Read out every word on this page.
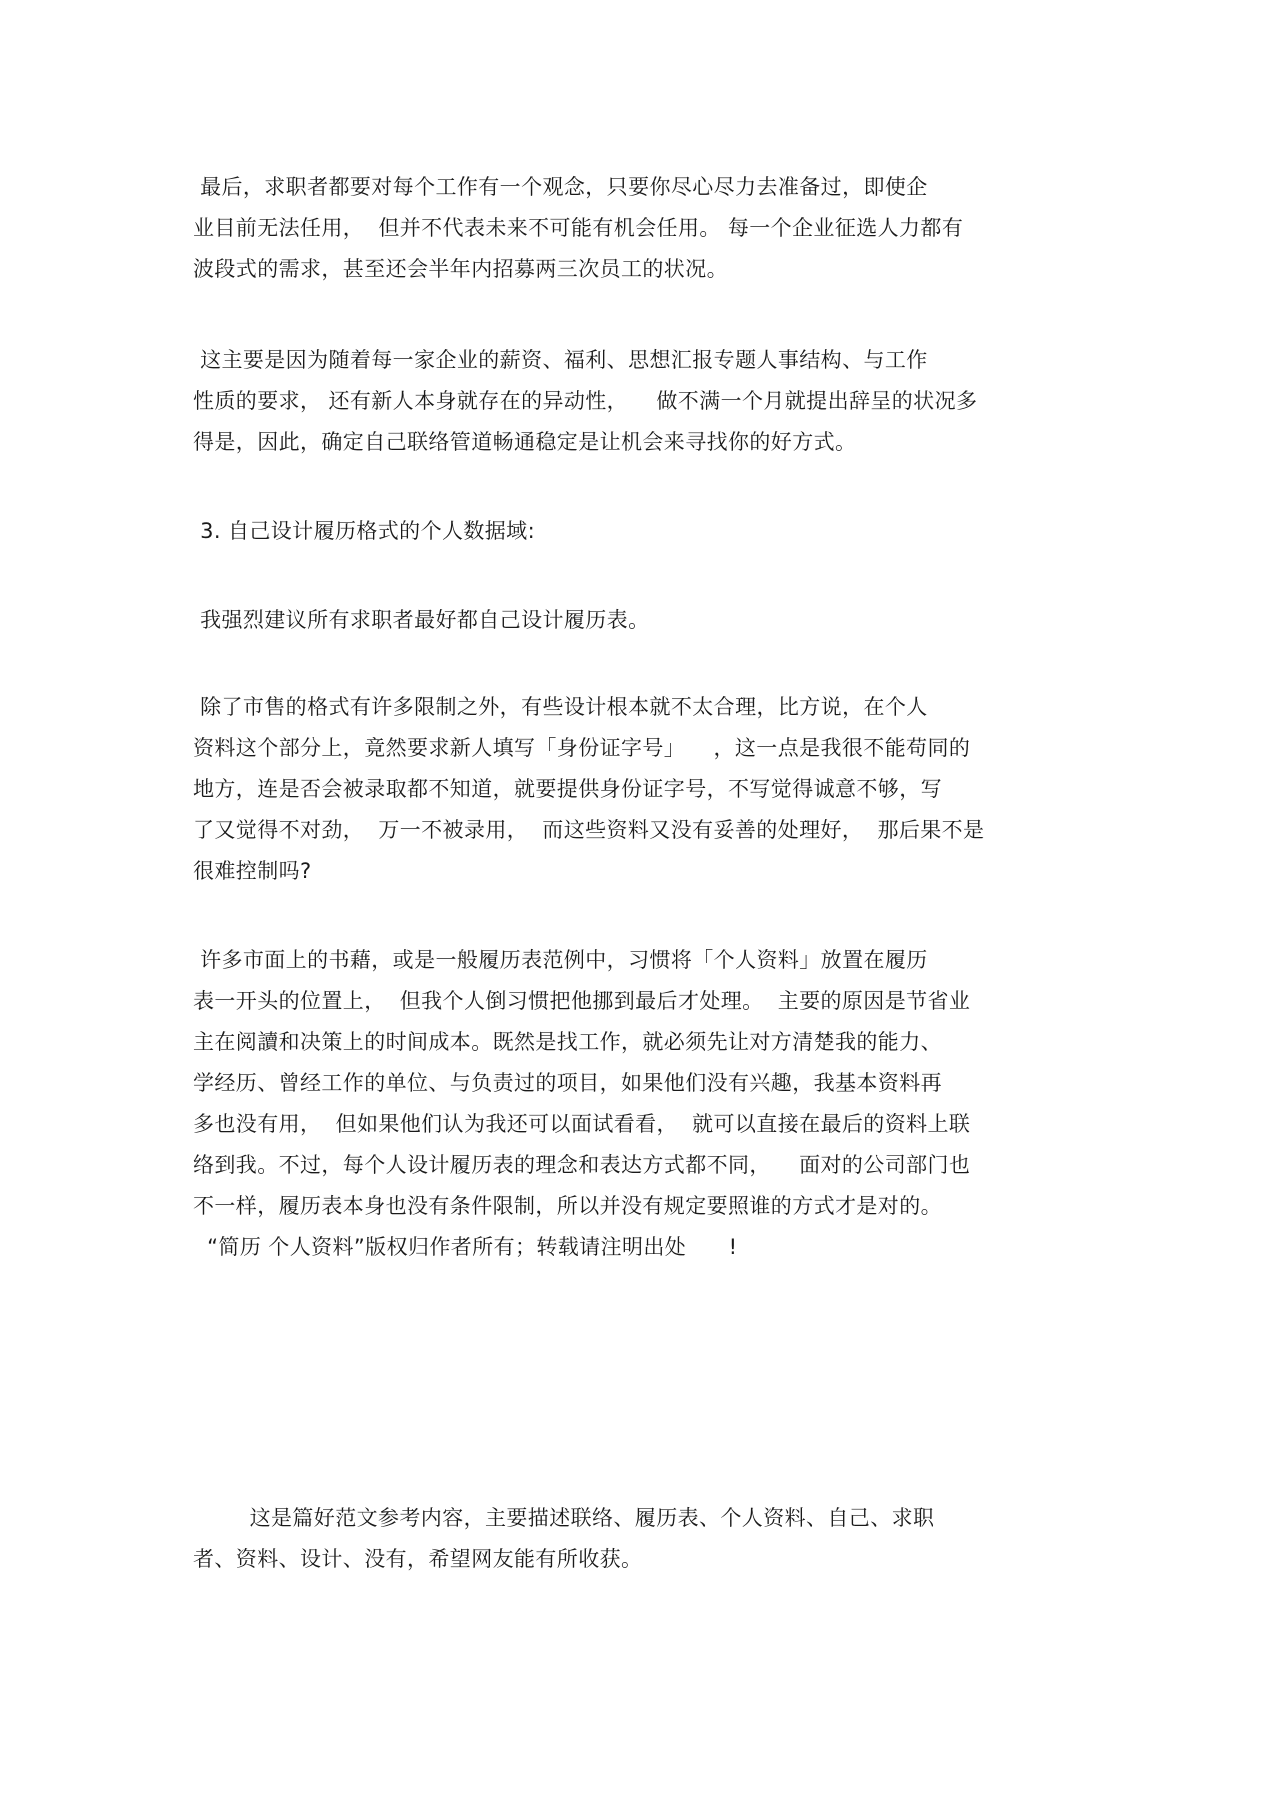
最后，求职者都要对每个工作有一个观念，只要你尽心尽力去准备过，即使企
业目前无法任用，  但并不代表未来不可能有机会任用。 每一个企业征选人力都有
波段式的需求，甚至还会半年内招募两三次员工的状况。
这主要是因为随着每一家企业的薪资、福利、思想汇报专题人事结构、与工作
性质的要求， 还有新人本身就存在的异动性，    做不满一个月就提出辞呈的状况多
得是，因此，确定自己联络管道畅通稳定是让机会来寻找你的好方式。
3. 自己设计履历格式的个人数据域:
我强烈建议所有求职者最好都自己设计履历表。
除了市售的格式有许多限制之外，有些设计根本就不太合理，比方说，在个人
资料这个部分上，竟然要求新人填写「身份证字号」    ，这一点是我很不能苟同的
地方，连是否会被录取都不知道，就要提供身份证字号，不写觉得诚意不够，写
了又觉得不对劲，  万一不被录用，  而这些资料又没有妥善的处理好，  那后果不是
很难控制吗?
许多市面上的书藉，或是一般履历表范例中，习惯将「个人资料」放置在履历
表一开头的位置上，  但我个人倒习惯把他挪到最后才处理。  主要的原因是节省业
主在阅讀和决策上的时间成本。既然是找工作，就必须先让对方清楚我的能力、
学经历、曾经工作的单位、与负责过的项目，如果他们没有兴趣，我基本资料再
多也没有用，  但如果他们认为我还可以面试看看，  就可以直接在最后的资料上联
络到我。不过，每个人设计履历表的理念和表达方式都不同，    面对的公司部门也
不一样，履历表本身也没有条件限制，所以并没有规定要照谁的方式才是对的。
“简历 个人资料”版权归作者所有；转载请注明出处      !
这是篇好范文参考内容，主要描述联络、履历表、个人资料、自己、求职
者、资料、设计、没有，希望网友能有所收获。
